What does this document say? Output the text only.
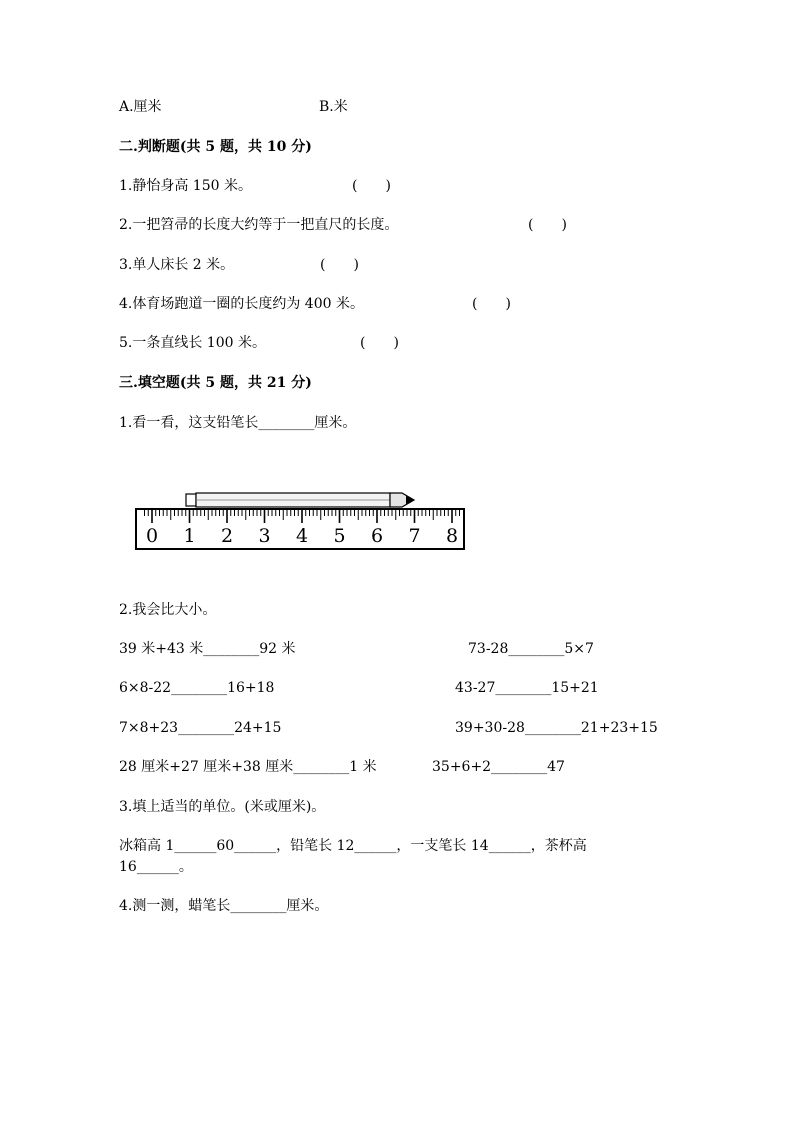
A.厘米	B.米
二.判断题(共 5 题，共 10 分)
1.静怡身高 150 米。	(　　)
2.一把笤帚的长度大约等于一把直尺的长度。	(　　)
3.单人床长 2 米。	(　　)
4.体育场跑道一圈的长度约为 400 米。	(　　)
5.一条直线长 100 米。	(　　)
三.填空题(共 5 题，共 21 分)
1.看一看，这支铅笔长________厘米。
0 1 2 3 4 5 6 7 8
2.我会比大小。
39 米+43 米________92 米	73-28________5×7
6×8-22________16+18	43-27________15+21
7×8+23________24+15	39+30-28________21+23+15
28 厘米+27 厘米+38 厘米________1 米	35+6+2________47
3.填上适当的单位。(米或厘米)。
冰箱高 1______60______，铅笔长 12______，一支笔长 14______，茶杯高
16______。
4.测一测，蜡笔长________厘米。
